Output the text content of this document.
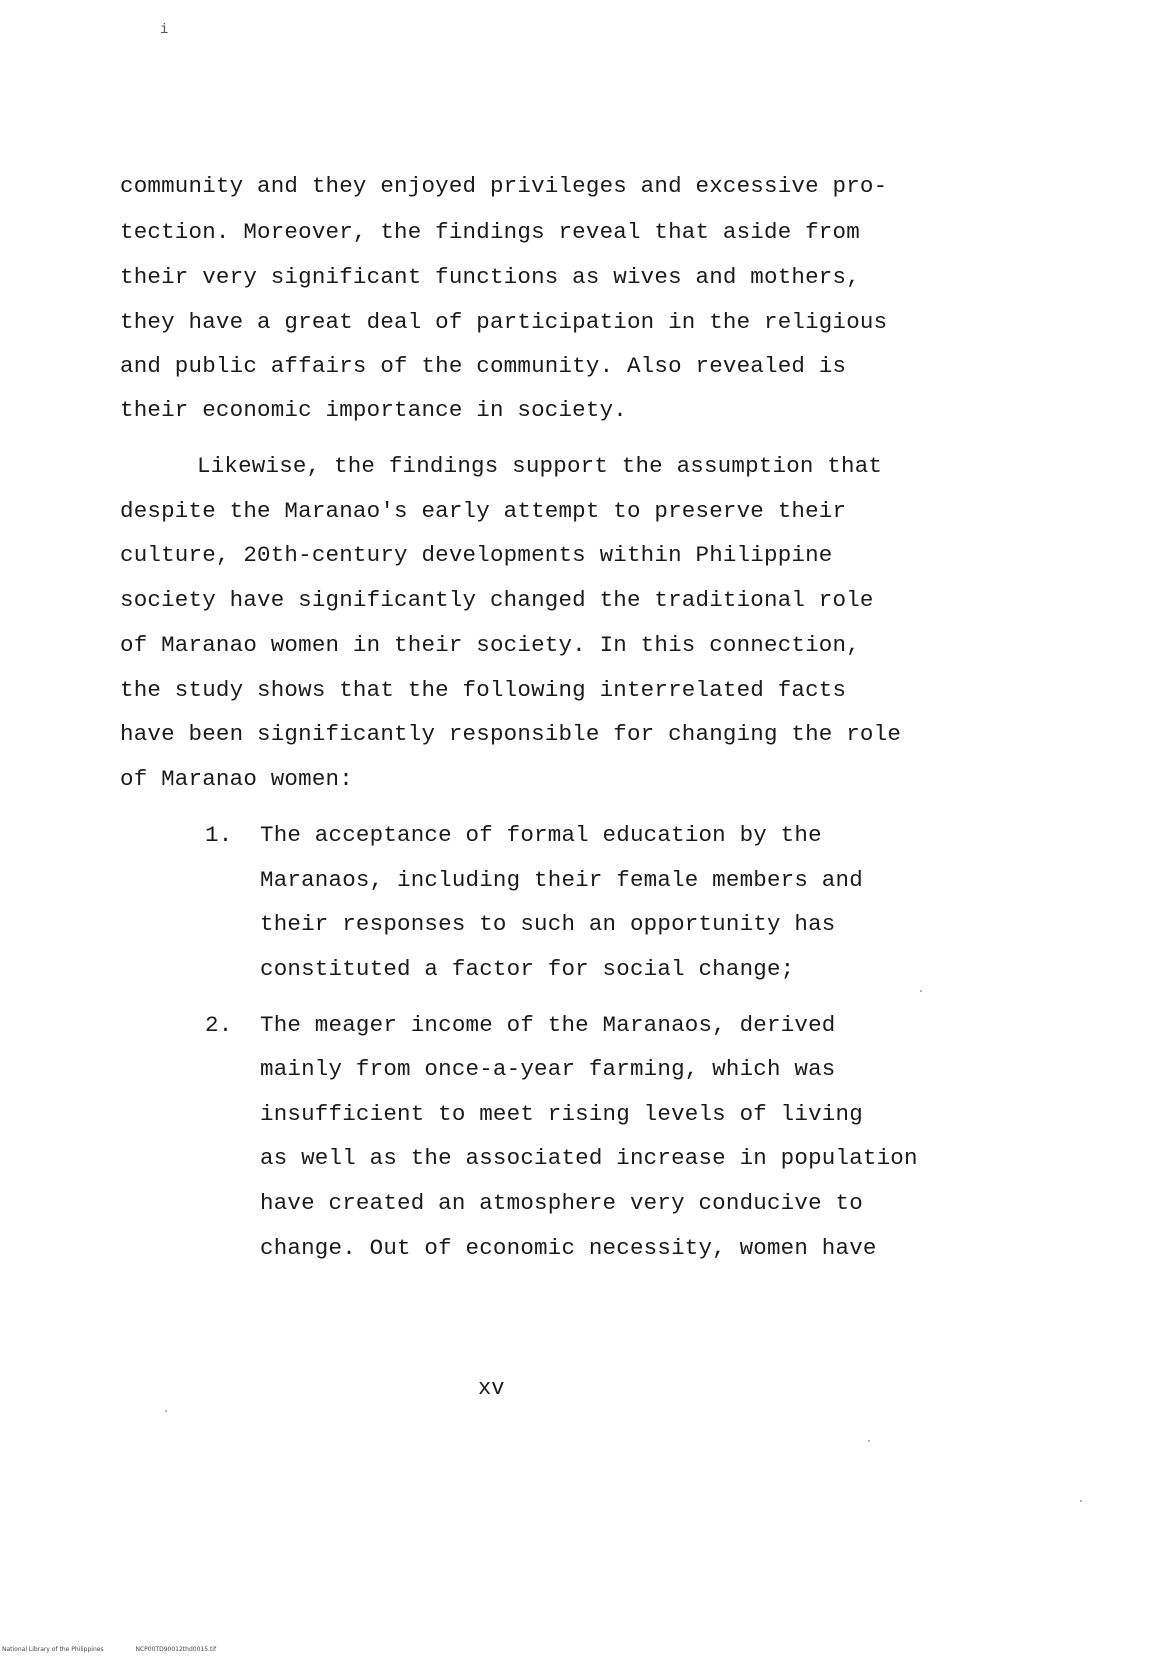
i
community and they enjoyed privileges and excessive pro-
tection. Moreover, the findings reveal that aside from
their very significant functions as wives and mothers,
they have a great deal of participation in the religious
and public affairs of the community. Also revealed is
their economic importance in society.
Likewise, the findings support the assumption that
despite the Maranao's early attempt to preserve their
culture, 20th-century developments within Philippine
society have significantly changed the traditional role
of Maranao women in their society. In this connection,
the study shows that the following interrelated facts
have been significantly responsible for changing the role
of Maranao women:
1. The acceptance of formal education by the
Maranaos, including their female members and
their responses to such an opportunity has
constituted a factor for social change;
2. The meager income of the Maranaos, derived
mainly from once-a-year farming, which was
insufficient to meet rising levels of living
as well as the associated increase in population
have created an atmosphere very conducive to
change. Out of economic necessity, women have
xv
National Library of the Philippines	NCP00TD90012thd0015.tif
